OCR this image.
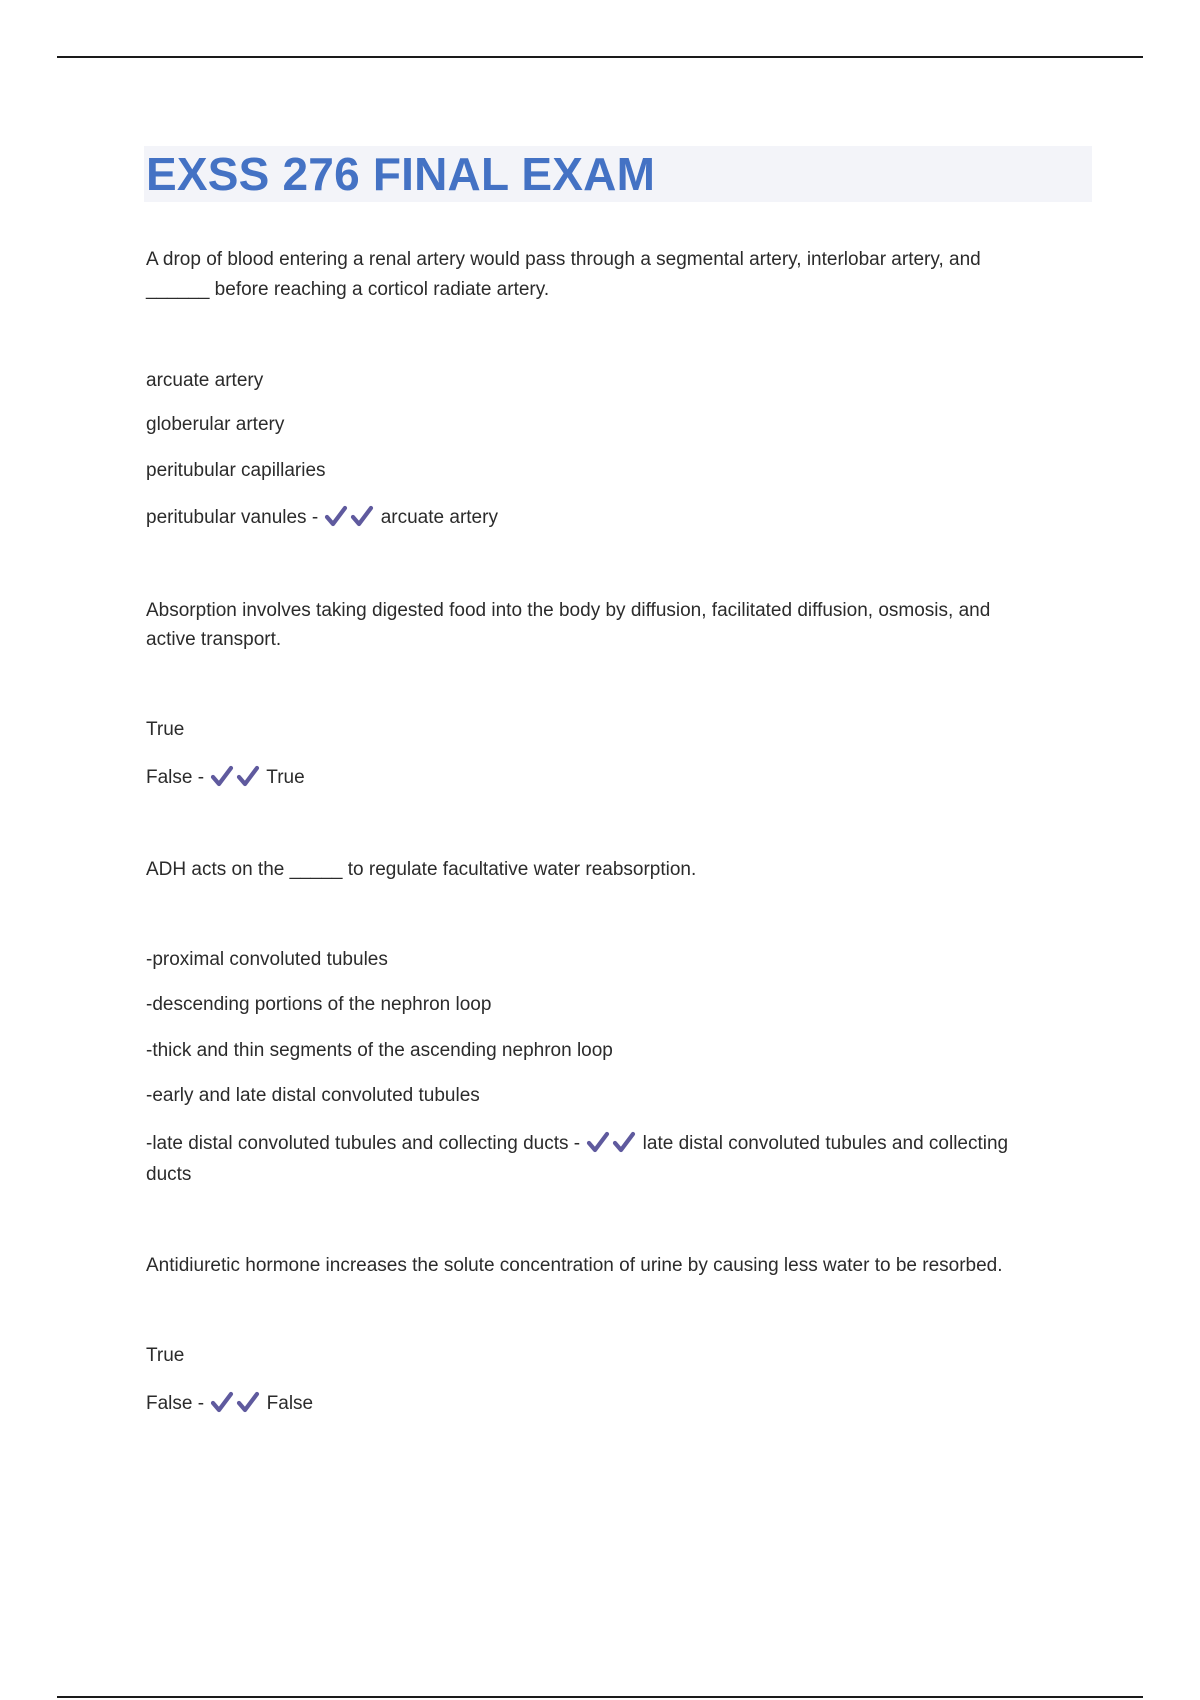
EXSS 276 FINAL EXAM

A drop of blood entering a renal artery would pass through a segmental artery, interlobar artery, and

______ before reaching a corticol radiate artery.

arcuate artery

globerular artery

peritubular capillaries

peritubular vanules -	arcuate artery

Absorption involves taking digested food into the body by diffusion, facilitated diffusion, osmosis, and

active transport.

True

False -	True

ADH acts on the _____ to regulate facultative water reabsorption.

-proximal convoluted tubules

-descending portions of the nephron loop

-thick and thin segments of the ascending nephron loop

-early and late distal convoluted tubules

-late distal convoluted tubules and collecting ducts -	late distal convoluted tubules and collecting

ducts

Antidiuretic hormone increases the solute concentration of urine by causing less water to be resorbed.

True

False -	False
